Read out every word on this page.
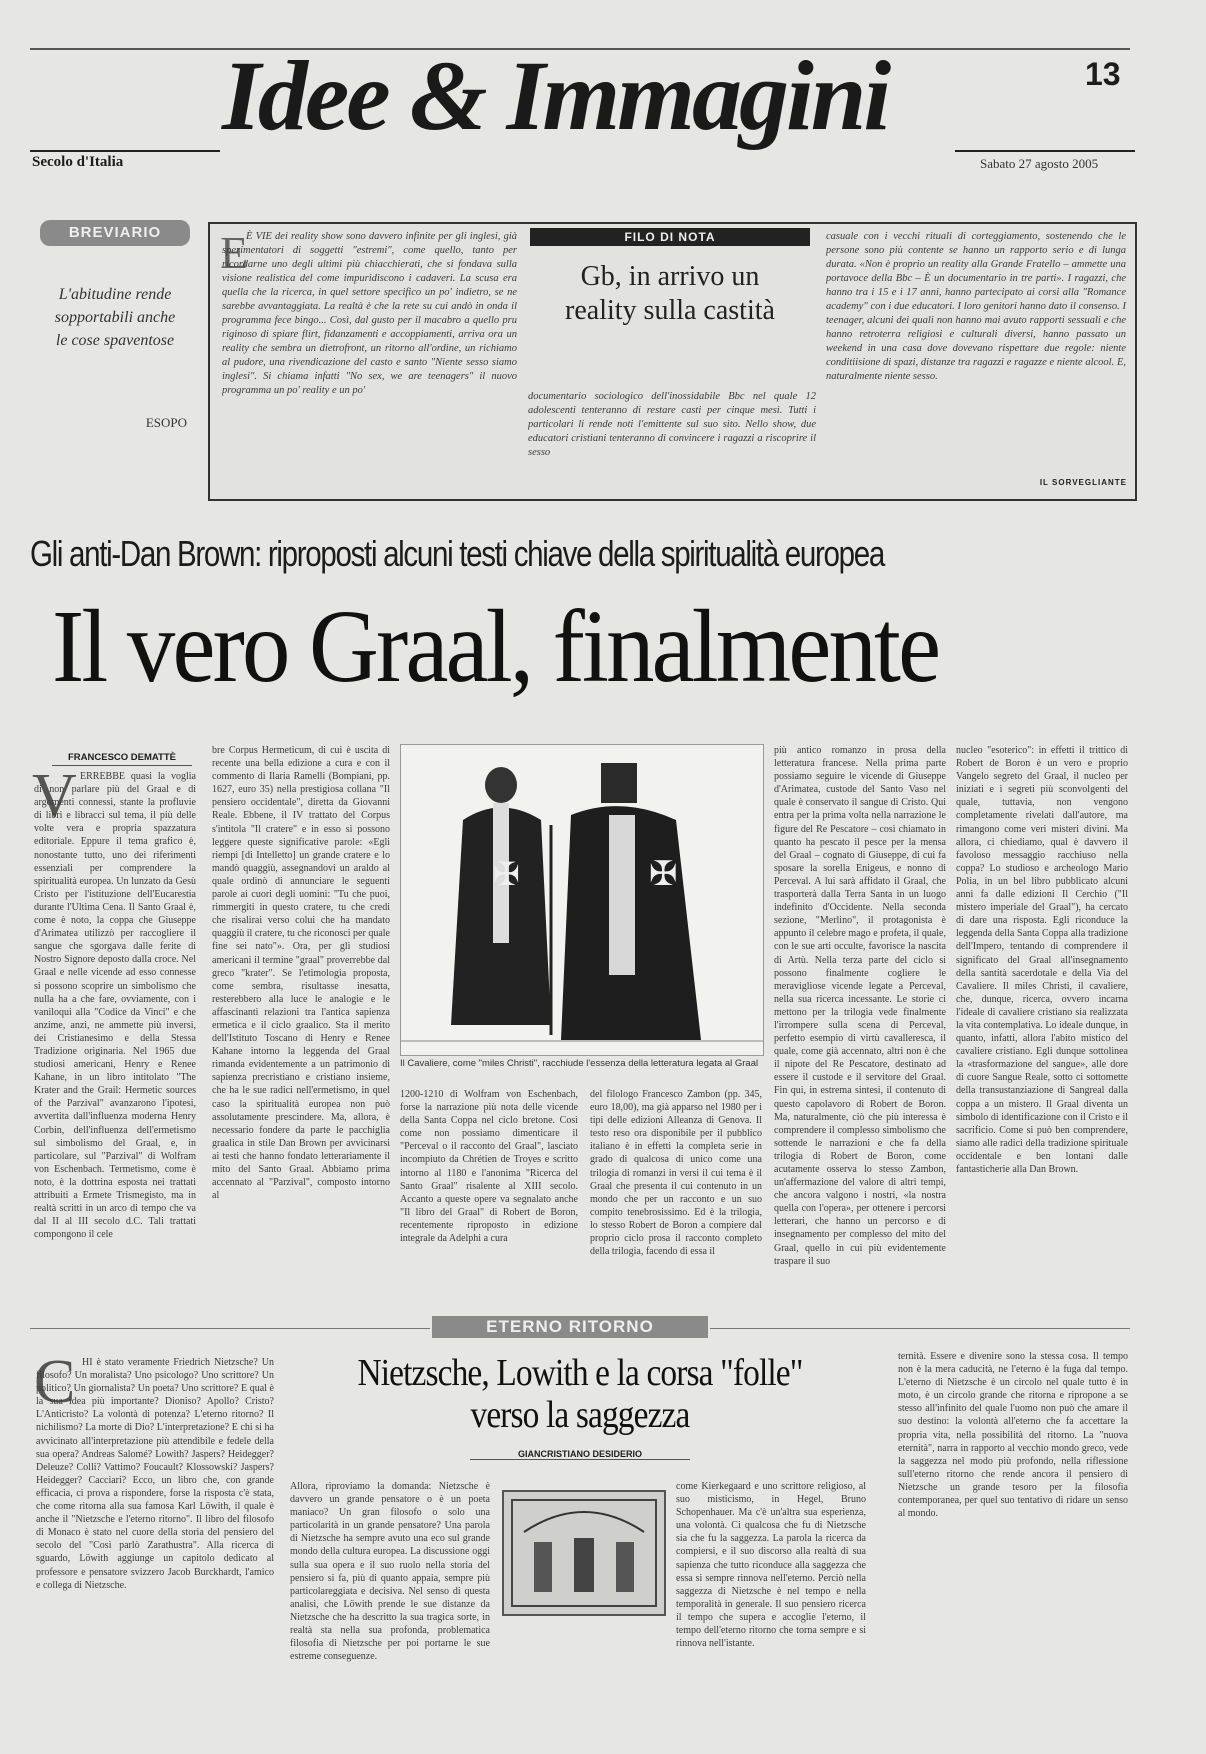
Secolo d'Italia
Idee & Immagini	13
Sabato 27 agosto 2005
BREVIARIO
L'abitudine rende sopportabili anche le cose spaventose
ESOPO
E
È VIE dei reality show sono davvero infinite per gli inglesi, già sperimentatori di soggetti "estremi", come quello, tanto per ricordarne uno degli ultimi più chiacchierati, che si fondava sulla visione realistica del come impuridiscono i cadaveri. La scusa era quella che la ricerca, in quel settore specifico un po' indietro, se ne sarebbe avvantaggiata. La realtà è che la rete su cui andò in onda il programma fece bingo... Così, dal gusto per il macabro a quello pru riginoso di spiare flirt, fidanzamenti e accoppiamenti, arriva ora un reality che sembra un dietrofront, un ritorno all'ordine, un richiamo al pudore, una rivendicazione del casto e santo "Niente sesso siamo inglesi". Si chiama infatti "No sex, we are teenagers" il nuovo programma un po' reality e un po'
FILO DI NOTA
Gb, in arrivo un reality sulla castità
documentario sociologico dell'inossidabile Bbc nel quale 12 adolescenti tenteranno di restare casti per cinque mesi. Tutti i particolari li rende noti l'emittente sul suo sito. Nello show, due educatori cristiani tenteranno di convincere i ragazzi a riscoprire il sesso
casuale con i vecchi rituali di corteggiamento, sostenendo che le persone sono più contente se hanno un rapporto serio e di lunga durata. «Non è proprio un reality alla Grande Fratello – ammette una portavoce della Bbc – È un documentario in tre parti». I ragazzi, che hanno tra i 15 e i 17 anni, hanno partecipato ai corsi alla "Romance academy" con i due educatori. I loro genitori hanno dato il consenso. I teenager, alcuni dei quali non hanno mai avuto rapporti sessuali e che hanno retroterra religiosi e culturali diversi, hanno passato un weekend in una casa dove dovevano rispettare due regole: niente conditiisione di spazi, distanze tra ragazzi e ragazze e niente alcool. E, naturalmente niente sesso.
IL SORVEGLIANTE
Gli anti-Dan Brown: riproposti alcuni testi chiave della spiritualità europea
Il vero Graal, finalmente
FRANCESCO DEMATTÈ
V ERREBBE quasi la voglia di non parlare più del Graal e di argomenti connessi, stante la profluvie di libri e libracci sul tema, il più delle volte vera e propria spazzatura editoriale. Eppure il tema grafico è, nonostante tutto, uno dei riferimenti essenziali per comprendere la spiritualità europea. Un lunzato da Gesù Cristo per l'istituzione dell'Eucarestia durante l'Ultima Cena. Il Santo Graal è, come è noto, la coppa che Giuseppe d'Arimatea utilizzò per raccogliere il sangue che sgorgava dalle ferite di Nostro Signore deposto dalla croce. Nel Graal e nelle vicende ad esso connesse si possono scoprire un simbolismo che nulla ha a che fare, ovviamente, con i vaniloqui alla "Codice da Vinci" e che anzime, anzi, ne ammette più inversi, dei Cristianesimo e della Stessa Tradizione originaria. Nel 1965 due studiosi americani, Henry e Renee Kahane, in un libro intitolato "The Krater and the Grail: Hermetic sources of the Parzival" avanzarono l'ipotesi, avvertita dall'influenza moderna Henry Corbin, dell'influenza dell'ermetismo sul simbolismo del Graal, e, in particolare, sul "Parzival" di Wolfram von Eschenbach. Termetismo, come è noto, è la dottrina esposta nei trattati attribuiti a Ermete Trismegisto, ma in realtà scritti in un arco di tempo che va dal II al III secolo d.C. Tali trattati compongono il cele
bre Corpus Hermeticum, di cui è uscita di recente una bella edizione a cura e con il commento di Ilaria Ramelli (Bompiani, pp. 1627, euro 35) nella prestigiosa collana "Il pensiero occidentale", diretta da Giovanni Reale. Ebbene, il IV trattato del Corpus s'intitola "Il cratere" e in esso si possono leggere queste significative parole: «Egli riempì [di Intelletto] un grande cratere e lo mandò quaggiù, assegnandovi un araldo al quale ordinò di annunciare le seguenti parole ai cuori degli uomini: "Tu che puoi, rimmergiti in questo cratere, tu che credi che risalirai verso colui che ha mandato quaggiù il cratere, tu che riconosci per quale fine sei nato"». Ora, per gli studiosi americani il termine "graal" proverrebbe dal greco "krater". Se l'etimologia proposta, come sembra, risultasse inesatta, resterebbero alla luce le analogie e le affascinanti relazioni tra l'antica sapienza ermetica e il ciclo graalico. Sta il merito dell'Istituto Toscano di Henry e Renee Kahane intorno la leggenda del Graal rimanda evidentemente a un patrimonio di sapienza precristiano e cristiano insieme, che ha le sue radici nell'ermetismo, in quel caso la spiritualità europea non può assolutamente prescindere. Ma, allora, è necessario fondere da parte le pacchiglia graalica in stile Dan Brown per avvicinarsi ai testi che hanno fondato letterariamente il mito del Santo Graal. Abbiamo prima accennato al "Parzival", composto intorno al
✠	✠
Il Cavaliere, come "miles Christi", racchiude l'essenza della letteratura legata al Graal
1200-1210 di Wolfram von Eschenbach, forse la narrazione più nota delle vicende della Santa Coppa nel ciclo bretone. Così come non possiamo dimenticare il "Perceval o il racconto del Graal", lasciato incompiuto da Chrétien de Troyes e scritto intorno al 1180 e l'anonima "Ricerca del Santo Graal" risalente al XIII secolo. Accanto a queste opere va segnalato anche "Il libro del Graal" di Robert de Boron, recentemente riproposto in edizione integrale da Adelphi a cura
del filologo Francesco Zambon (pp. 345, euro 18,00), ma già apparso nel 1980 per i tipi delle edizioni Alleanza di Genova. Il testo reso ora disponibile per il pubblico italiano è in effetti la completa serie in grado di qualcosa di unico come una trilogia di romanzi in versi il cui tema è il Graal che presenta il cui contenuto in un mondo che per un racconto e un suo compito tenebrosissimo. Ed è la trilogia, lo stesso Robert de Boron a compiere dal proprio ciclo prosa il racconto completo della trilogia, facendo di essa il
più antico romanzo in prosa della letteratura francese. Nella prima parte possiamo seguire le vicende di Giuseppe d'Arimatea, custode del Santo Vaso nel quale è conservato il sangue di Cristo. Qui entra per la prima volta nella narrazione le figure del Re Pescatore – così chiamato in quanto ha pescato il pesce per la mensa del Graal – cognato di Giuseppe, di cui fa sposare la sorella Enigeus, e nonno di Perceval. A lui sarà affidato il Graal, che trasporterà dalla Terra Santa in un luogo indefinito d'Occidente. Nella seconda sezione, "Merlino", il protagonista è appunto il celebre mago e profeta, il quale, con le sue arti occulte, favorisce la nascita di Artù. Nella terza parte del ciclo si possono finalmente cogliere le meravigliose vicende legate a Perceval, nella sua ricerca incessante. Le storie ci mettono per la trilogia vede finalmente l'irrompere sulla scena di Perceval, perfetto esempio di virtù cavalleresca, il quale, come già accennato, altri non è che il nipote del Re Pescatore, destinato ad essere il custode e il servitore del Graal. Fin qui, in estrema sintesi, il contenuto di questo capolavoro di Robert de Boron. Ma, naturalmente, ciò che più interessa è comprendere il complesso simbolismo che sottende le narrazioni e che fa della trilogia di Robert de Boron, come acutamente osserva lo stesso Zambon, un'affermazione del valore di altri tempi, che ancora valgono i nostri, «la nostra quella con l'opera», per ottenere i percorsi letterari, che hanno un percorso e di insegnamento per complesso del mito del Graal, quello in cui più evidentemente traspare il suo
nucleo "esoterico": in effetti il trittico di Robert de Boron è un vero e proprio Vangelo segreto del Graal, il nucleo per iniziati e i segreti più sconvolgenti del quale, tuttavia, non vengono completamente rivelati dall'autore, ma rimangono come veri misteri divini. Ma allora, ci chiediamo, qual è davvero il favoloso messaggio racchiuso nella coppa? Lo studioso e archeologo Mario Polia, in un bel libro pubblicato alcuni anni fa dalle edizioni Il Cerchio ("Il mistero imperiale del Graal"), ha cercato di dare una risposta. Egli riconduce la leggenda della Santa Coppa alla tradizione dell'Impero, tentando di comprendere il significato del Graal all'insegnamento della santità sacerdotale e della Via del Cavaliere. Il miles Christi, il cavaliere, che, dunque, ricerca, ovvero incarna l'ideale di cavaliere cristiano sia realizzata la vita contemplativa. Lo ideale dunque, in quanto, infatti, allora l'abito mistico del cavaliere cristiano. Egli dunque sottolinea la «trasformazione del sangue», alle dore di cuore Sangue Reale, sotto ci sottomette della transustanziazione di Sangreal dalla coppa a un mistero. Il Graal diventa un simbolo di identificazione con il Cristo e il sacrificio. Come si può ben comprendere, siamo alle radici della tradizione spirituale occidentale e ben lontani dalle fantasticherie alla Dan Brown.
ETERNO RITORNO
C HI è stato veramente Friedrich Nietzsche? Un filosofo? Un moralista? Uno psicologo? Uno scrittore? Un politico? Un giornalista? Un poeta? Uno scrittore? E qual è la sua idea più importante? Dioniso? Apollo? Cristo? L'Anticristo? La volontà di potenza? L'eterno ritorno? Il nichilismo? La morte di Dio? L'interpretazione? E chi si ha avvicinato all'interpretazione più attendibile e fedele della sua opera? Andreas Salomé? Lowith? Jaspers? Heidegger? Deleuze? Colli? Vattimo? Foucault? Klossowski? Jaspers? Heidegger? Cacciari? Ecco, un libro che, con grande efficacia, ci prova a rispondere, forse la risposta c'è stata, che come ritorna alla sua famosa Karl Löwith, il quale è anche il "Nietzsche e l'eterno ritorno". Il libro del filosofo di Monaco è stato nel cuore della storia del pensiero del secolo del "Così parlò Zarathustra". Alla ricerca di sguardo, Löwith aggiunge un capitolo dedicato al professore e pensatore svizzero Jacob Burckhardt, l'amico e collega di Nietzsche.
Nietzsche, Lowith e la corsa "folle" verso la saggezza
GIANCRISTIANO DESIDERIO
Allora, riproviamo la domanda: Nietzsche è davvero un grande pensatore o è un poeta maniaco? Un gran filosofo o solo una particolarità in un grande pensatore? Una parola di Nietzsche ha sempre avuto una eco sul grande mondo della cultura europea. La discussione oggi sulla sua opera e il suo ruolo nella storia del pensiero si fa, più di quanto appaia, sempre più particolareggiata e decisiva. Nel senso di questa analisi, che Löwith prende le sue distanze da Nietzsche che ha descritto la sua tragica sorte, in realtà sta nella sua profonda, problematica filosofia di Nietzsche per poi portarne le sue estreme conseguenze.
come Kierkegaard e uno scrittore religioso, al suo misticismo, in Hegel, Bruno Schopenhauer. Ma c'è un'altra sua esperienza, una volontà. Ci qualcosa che fu di Nietzsche sia che fu la saggezza. La parola la ricerca da compiersi, e il suo discorso alla realtà di sua sapienza che tutto riconduce alla saggezza che essa si sempre rinnova nell'eterno. Perciò nella saggezza di Nietzsche è nel tempo e nella temporalità in generale. Il suo pensiero ricerca il tempo che supera e accoglie l'eterno, il tempo dell'eterno ritorno che torna sempre e si rinnova nell'istante.
ternità. Essere e divenire sono la stessa cosa. Il tempo non è la mera caducità, ne l'eterno è la fuga dal tempo. L'eterno di Nietzsche è un circolo nel quale tutto è in moto, è un circolo grande che ritorna e ripropone a se stesso all'infinito del quale l'uomo non può che amare il suo destino: la volontà all'eterno che fa accettare la propria vita, nella possibilità del ritorno. La "nuova eternità", narra in rapporto al vecchio mondo greco, vede la saggezza nel modo più profondo, nella riflessione sull'eterno ritorno che rende ancora il pensiero di Nietzsche un grande tesoro per la filosofia contemporanea, per quel suo tentativo di ridare un senso al mondo.
